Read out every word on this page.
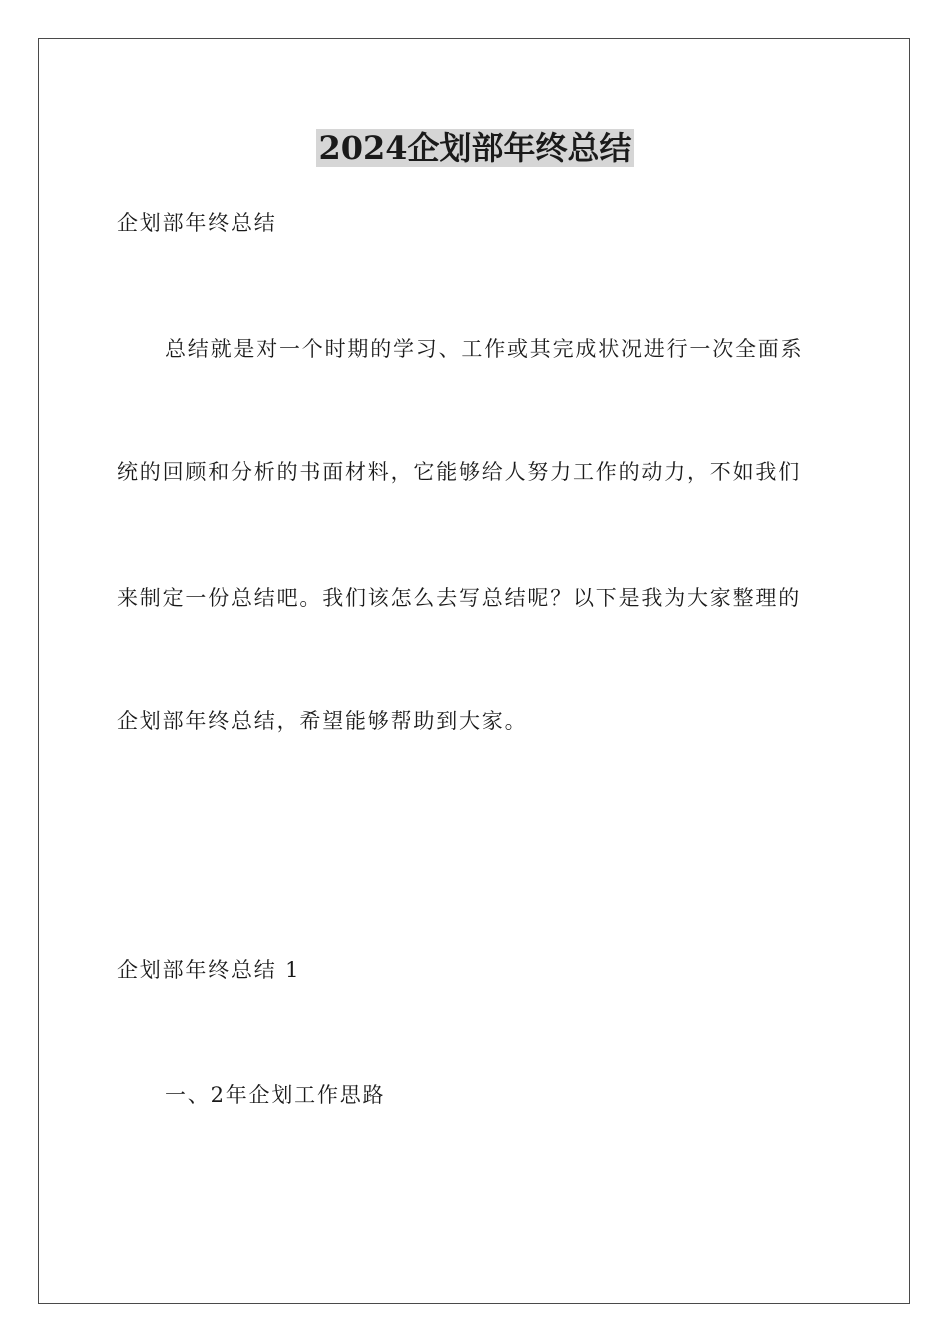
2024企划部年终总结
企划部年终总结
总结就是对一个时期的学习、工作或其完成状况进行一次全面系
统的回顾和分析的书面材料，它能够给人努力工作的动力，不如我们
来制定一份总结吧。我们该怎么去写总结呢？以下是我为大家整理的
企划部年终总结，希望能够帮助到大家。
企划部年终总结 1
一、2年企划工作思路
